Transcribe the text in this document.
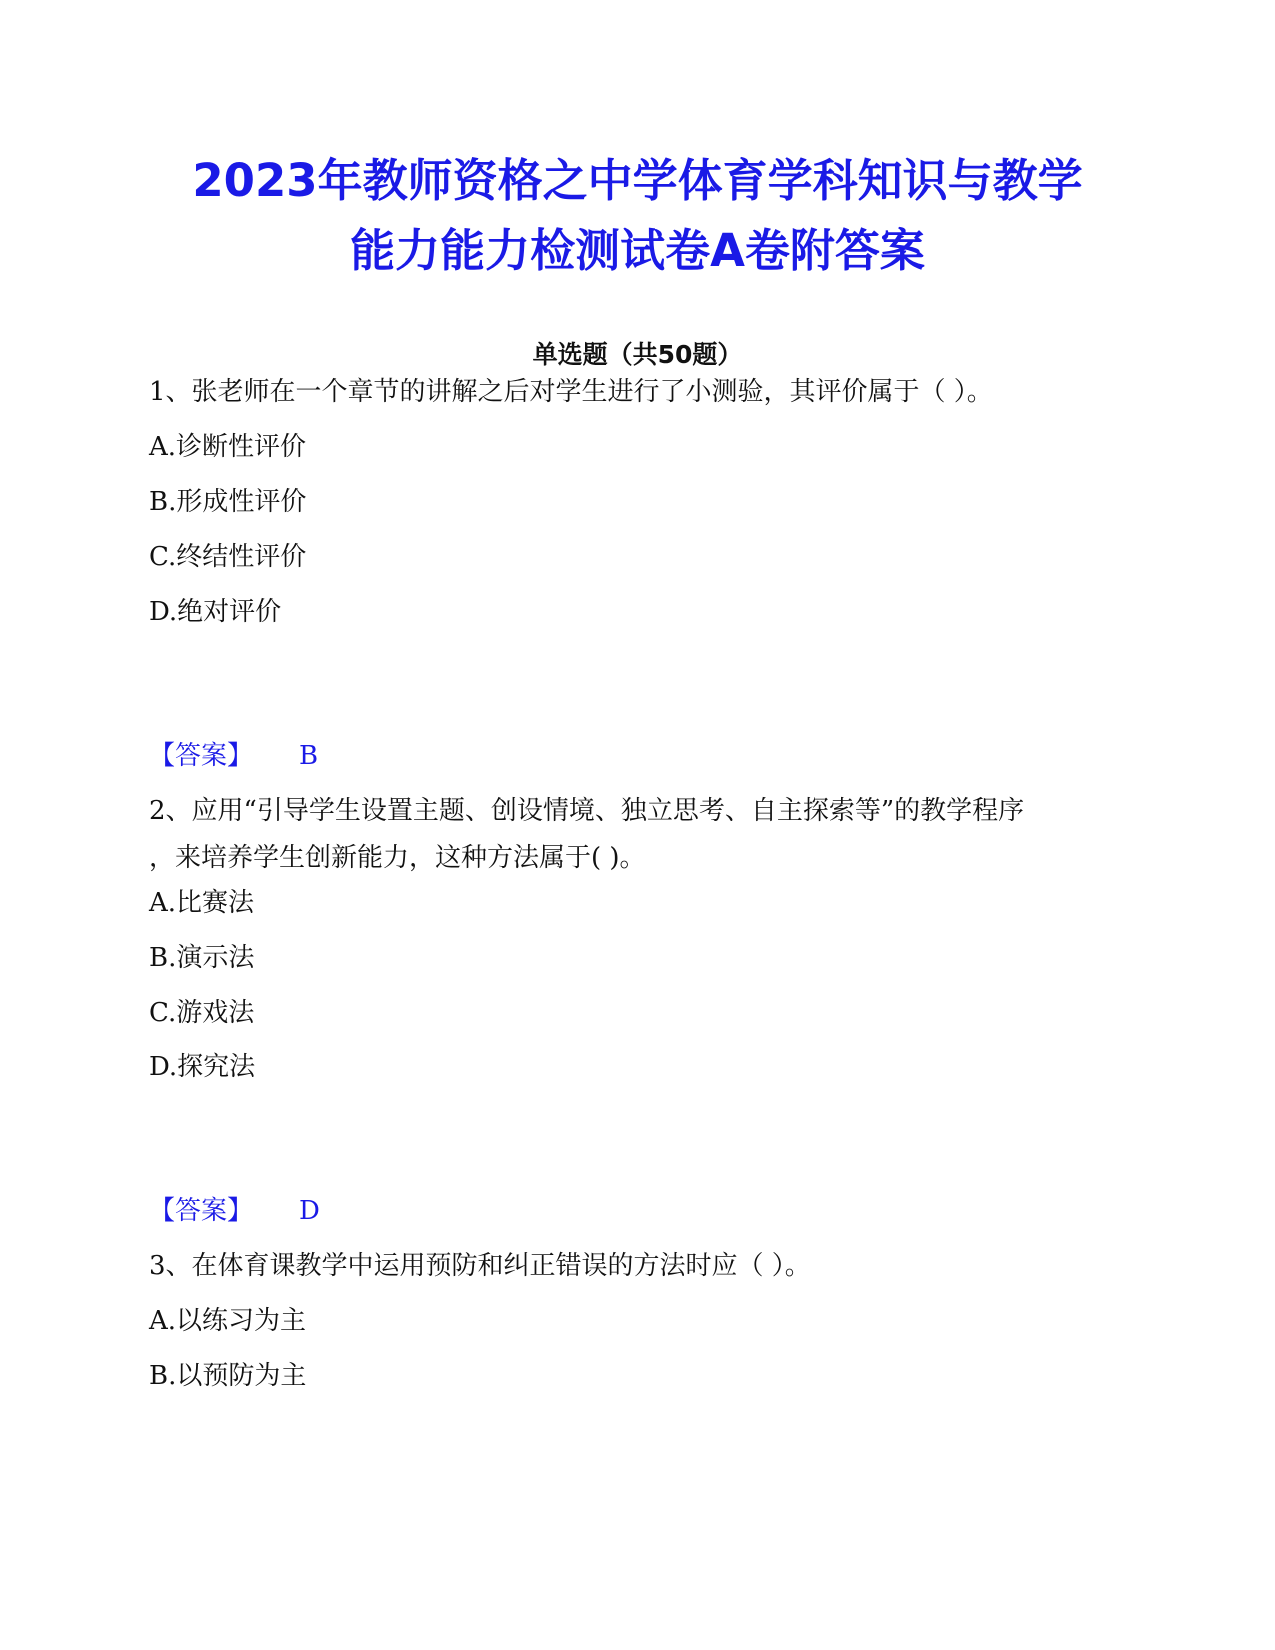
2023年教师资格之中学体育学科知识与教学
能力能力检测试卷A卷附答案
单选题（共50题）
1、张老师在一个章节的讲解之后对学生进行了小测验，其评价属于（ ）。
A.诊断性评价
B.形成性评价
C.终结性评价
D.绝对评价
【答案】 B
2、应用“引导学生设置主题、创设情境、独立思考、自主探索等”的教学程序
，来培养学生创新能力，这种方法属于( )。
A.比赛法
B.演示法
C.游戏法
D.探究法
【答案】 D
3、在体育课教学中运用预防和纠正错误的方法时应（ ）。
A.以练习为主
B.以预防为主
